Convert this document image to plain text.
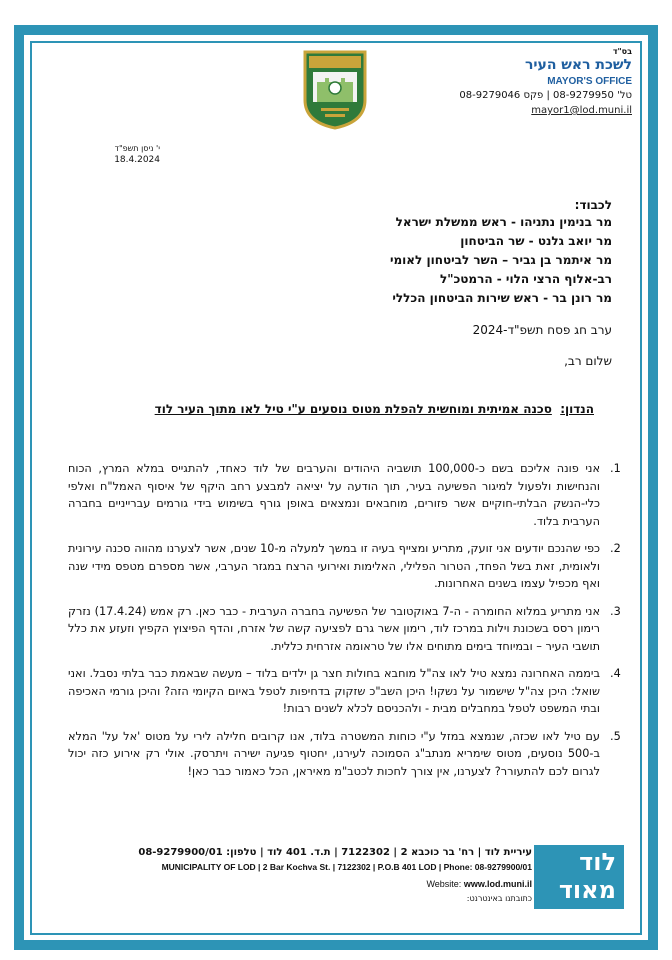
בס"ד
לשכת ראש העיר
MAYOR'S OFFICE
טל' 08-9279950 | פקס 08-9279046
mayor1@lod.muni.il
י' ניסן תשפ"ד
18.4.2024
לכבוד:
מר בנימין נתניהו - ראש ממשלת ישראל
מר יואב גלנט - שר הביטחון
מר איתמר בן גביר – השר לביטחון לאומי
רב-אלוף הרצי הלוי - הרמטכ"ל
מר רונן בר - ראש שירות הביטחון הכללי
ערב חג פסח תשפ"ד-2024
שלום רב,
הנדון:  סכנה אמיתית ומוחשית להפלת מטוס נוסעים ע"י טיל לאו מתוך העיר לוד
1.
אני פונה אליכם בשם כ-100,000 תושביה היהודים והערבים של לוד כאחד, להתגייס במלא המרץ, הכוח והנחישות ולפעול למיגור הפשיעה בעיר, תוך הודעה על יציאה למבצע רחב היקף של איסוף האמל"ח ואלפי כלי-הנשק הבלתי-חוקיים אשר פזורים, מוחבאים ונמצאים באופן גורף בשימוש בידי גורמים עברייניים בחברה הערבית בלוד.
2.
כפי שהנכם יודעים אני זועק, מתריע ומצייף בעיה זו במשך למעלה מ-10 שנים, אשר לצערנו מהווה סכנה עירונית ולאומית, זאת בשל הפחד, הטרור הפלילי, האלימות ואירועי הרצח במגזר הערבי, אשר מספרם מטפס מידי שנה ואף מכפיל עצמו בשנים האחרונות.
3.
אני מתריע במלוא החומרה - ה-7 באוקטובר של הפשיעה בחברה הערבית - כבר כאן. רק אמש (17.4.24) נזרק רימון רסס בשכונת וילות במרכז לוד, רימון אשר גרם לפציעה קשה של אזרח, והדף הפיצוץ הקפיץ וזעזע את כלל תושבי העיר – ובמיוחד בימים מתוחים אלו של טראומה אזרחית כללית.
4.
ביממה האחרונה נמצא טיל לאו צה"ל מוחבא בחולות חצר גן ילדים בלוד – מעשה שבאמת כבר בלתי נסבל. ואני שואל: היכן צה"ל שישמור על נשקו! היכן השב"כ שזקוק בדחיפות לטפל באיום הקיומי הזה? והיכן גורמי האכיפה ובתי המשפט לטפל במחבלים מבית - ולהכניסם לכלא לשנים רבות!
5.
עם טיל לאו שכזה, שנמצא במזל ע"י כוחות המשטרה בלוד, אנו קרובים חלילה לירי על מטוס 'אל על' המלא ב-500 נוסעים, מטוס שימריא מנתב"ג הסמוכה לעירנו, יחטוף פגיעה ישירה ויתרסק. אולי רק אירוע כזה יכול לגרום לכם להתעורר? לצערנו, אין צורך לחכות לכטב"מ מאיראן, הכל כאמור כבר כאן!
לוד
מאוד
עיריית לוד | רח' בר כוכבא 2 | 7122302 | ת.ד. 401 לוד | טלפון: 08-9279900/01
MUNICIPALITY OF LOD | 2 Bar Kochva St. | 7122302 | P.O.B 401 LOD | Phone: 08-9279900/01
Website: www.lod.muni.il
כתובתנו באינטרנט:
